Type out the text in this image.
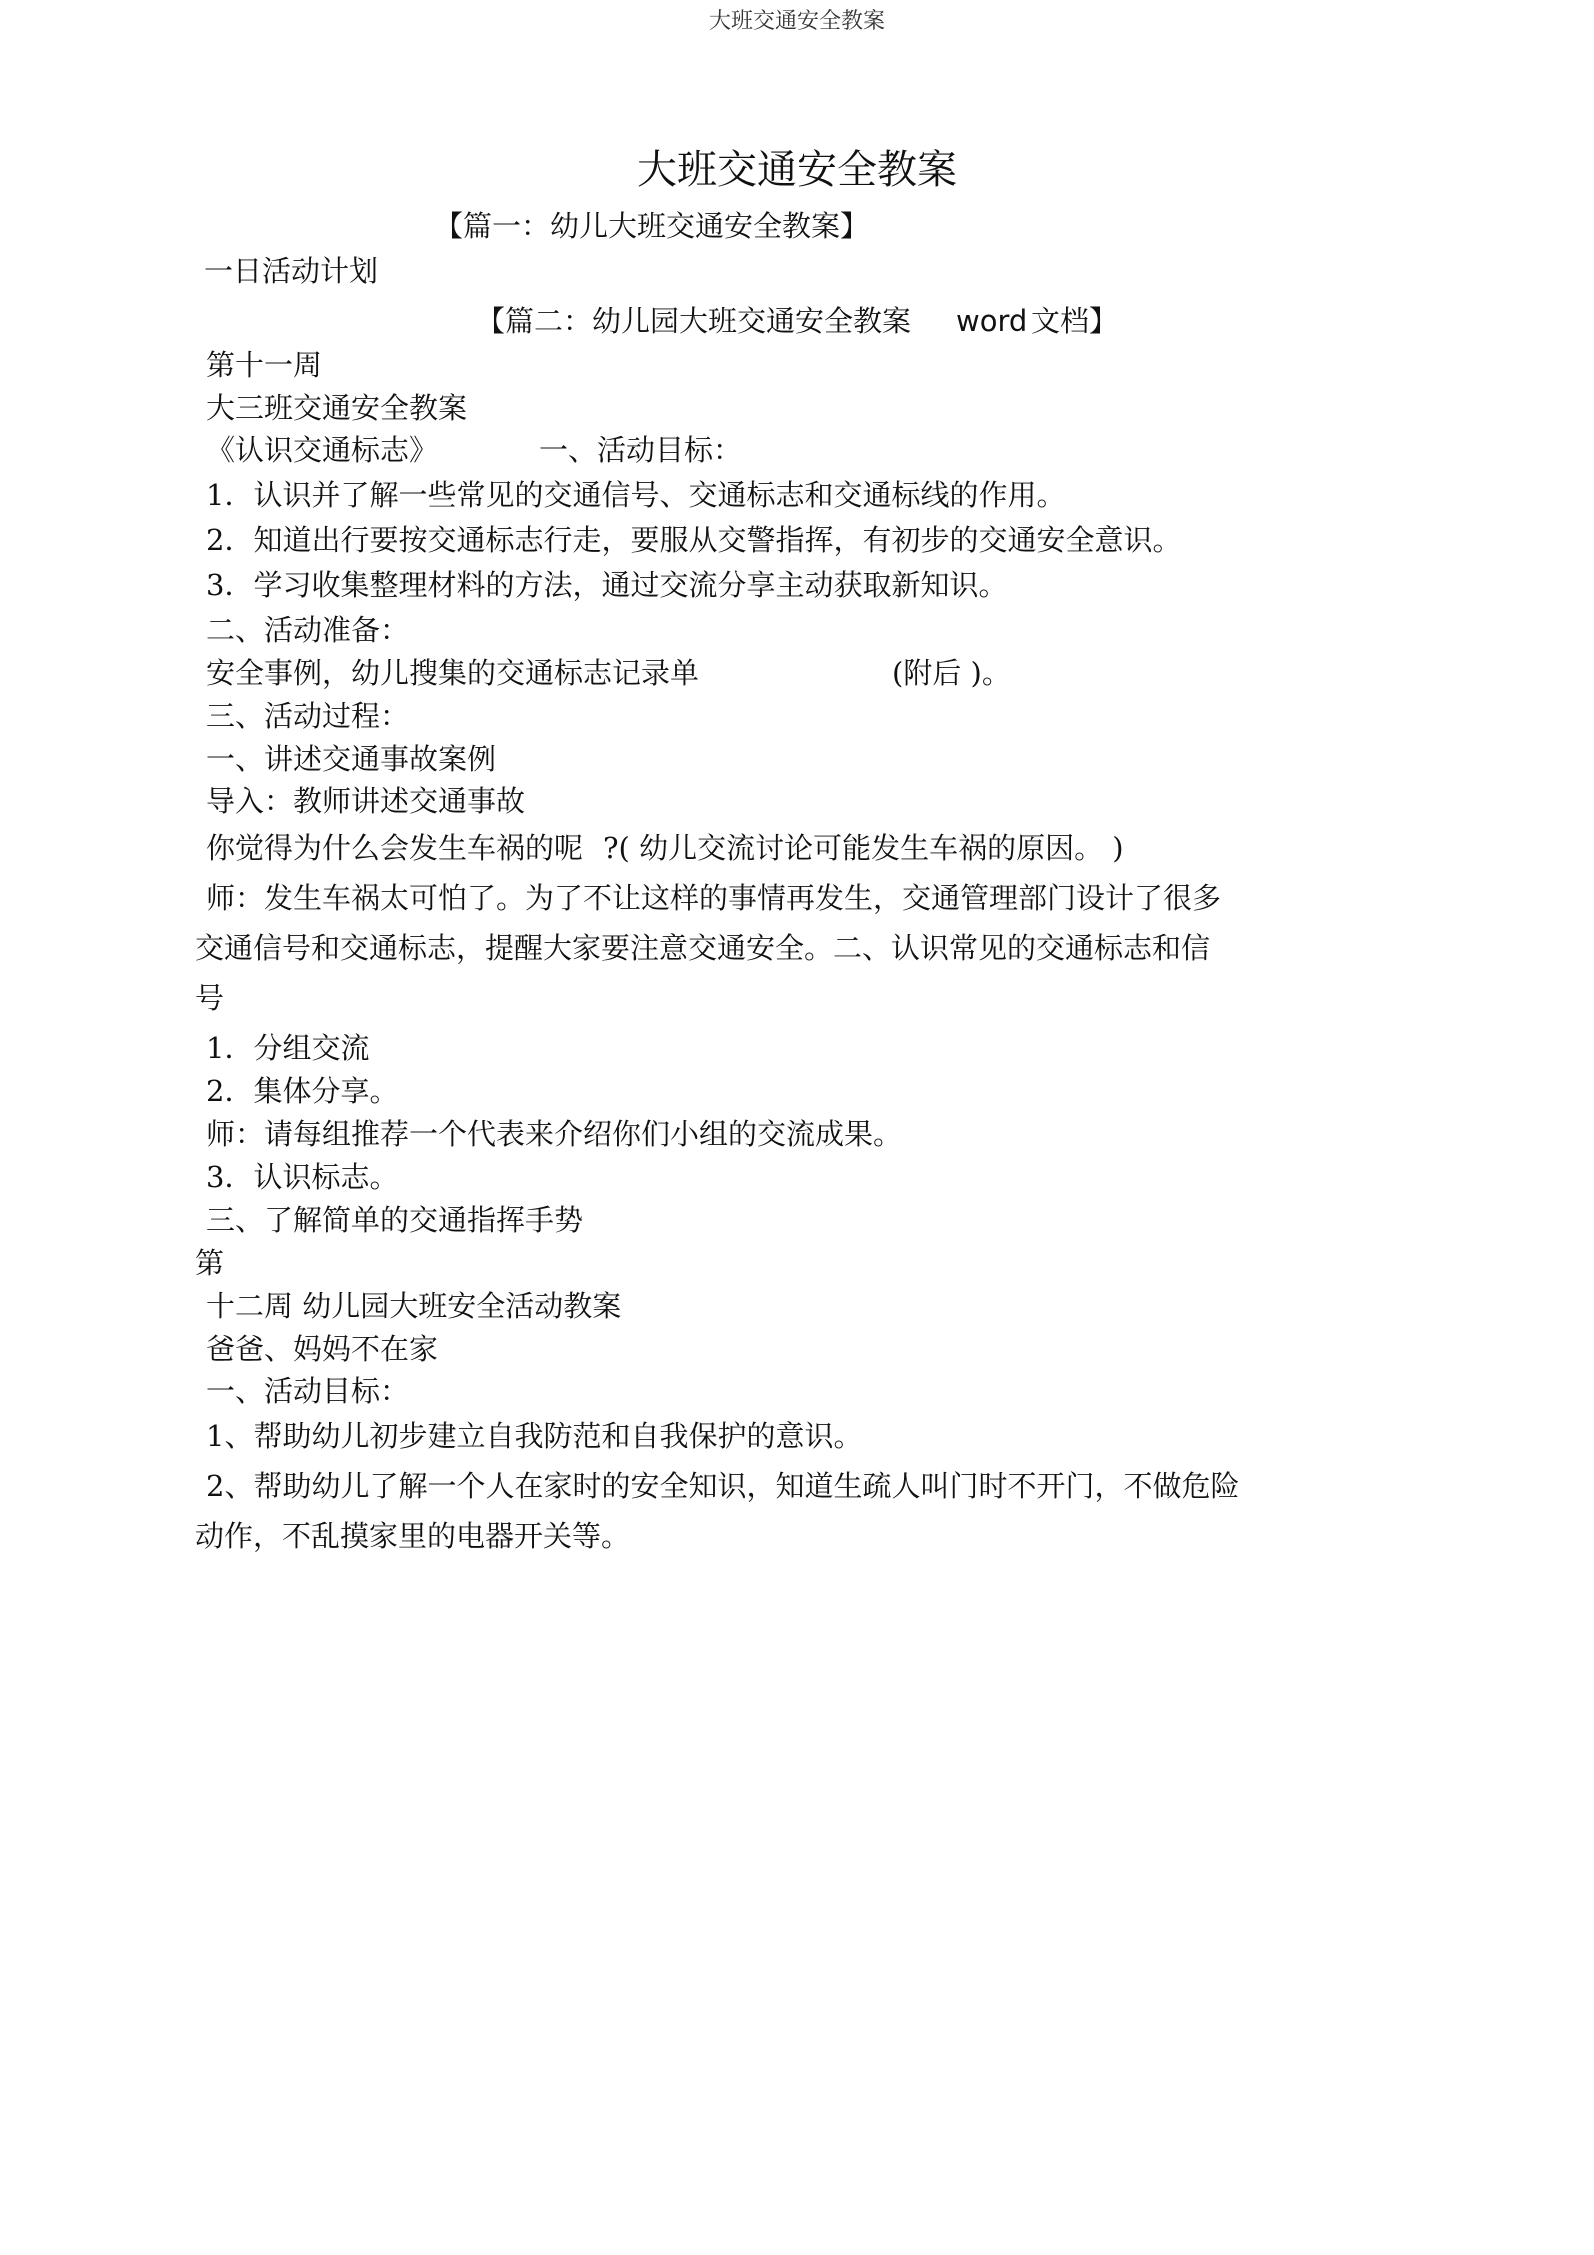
大班交通安全教案
大班交通安全教案
【篇一：幼儿大班交通安全教案】
一日活动计划
【篇二：幼儿园大班交通安全教案 word 文档】
第十一周
大三班交通安全教案
《认识交通标志》	一、活动目标：
1．认识并了解一些常见的交通信号、交通标志和交通标线的作用。
2．知道出行要按交通标志行走，要服从交警指挥，有初步的交通安全意识。
3．学习收集整理材料的方法，通过交流分享主动获取新知识。
二、活动准备：
安全事例，幼儿搜集的交通标志记录单	(附后 )。
三、活动过程：
一、讲述交通事故案例
导入：教师讲述交通事故
你觉得为什么会发生车祸的呢 ?( 幼儿交流讨论可能发生车祸的原因。 )
师：发生车祸太可怕了。为了不让这样的事情再发生，交通管理部门设计了很多
交通信号和交通标志，提醒大家要注意交通安全。二、认识常见的交通标志和信
号
1．分组交流
2．集体分享。
师：请每组推荐一个代表来介绍你们小组的交流成果。
3．认识标志。
三、了解简单的交通指挥手势
第
十二周 幼儿园大班安全活动教案
爸爸、妈妈不在家
一、活动目标：
1、帮助幼儿初步建立自我防范和自我保护的意识。
2、帮助幼儿了解一个人在家时的安全知识，知道生疏人叫门时不开门，不做危险
动作，不乱摸家里的电器开关等。
